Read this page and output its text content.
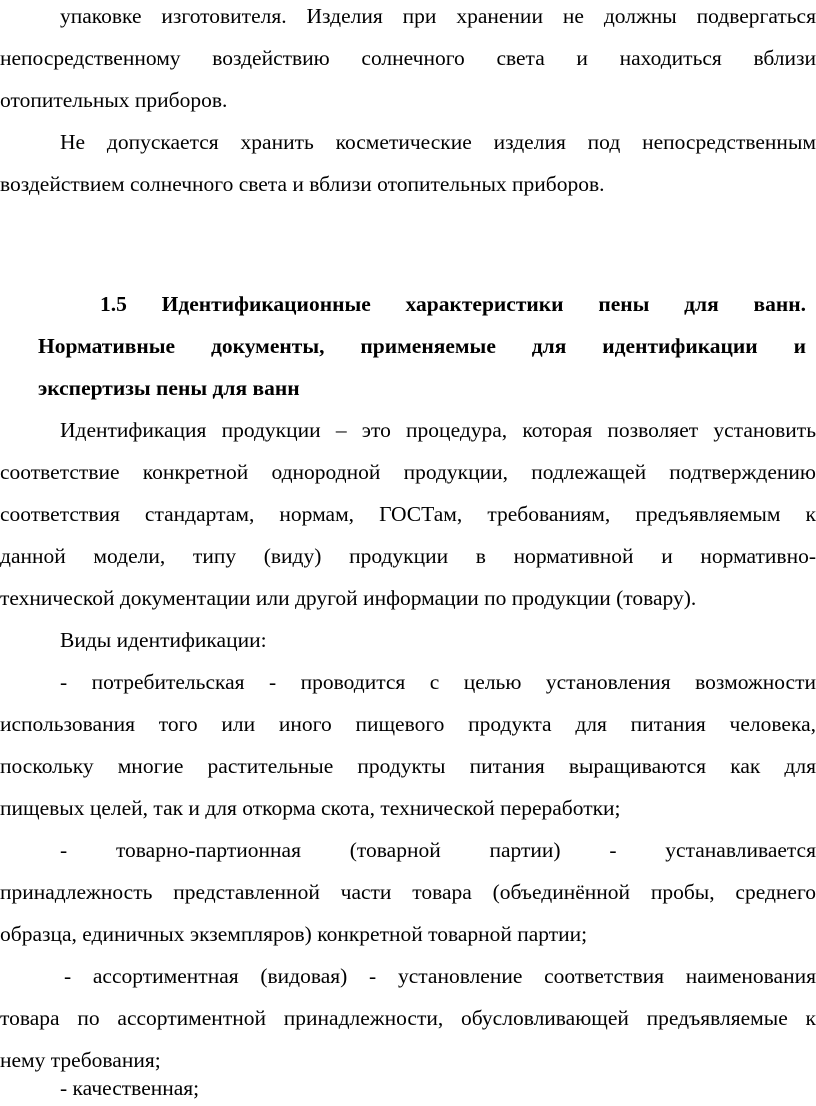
упаковке изготовителя. Изделия при хранении не должны подвергаться
непосредственному воздействию солнечного света и находиться вблизи
отопительных приборов.
Не допускается хранить косметические изделия под непосредственным
воздействием солнечного света и вблизи отопительных приборов.
1.5 Идентификационные характеристики пены для ванн.
Нормативные документы, применяемые для идентификации и
экспертизы пены для ванн
Идентификация продукции – это процедура, которая позволяет установить
соответствие конкретной однородной продукции, подлежащей подтверждению
соответствия стандартам, нормам, ГОСТам, требованиям, предъявляемым к
данной модели, типу (виду) продукции в нормативной и нормативно-
технической документации или другой информации по продукции (товару).
Виды идентификации:
- потребительская - проводится с целью установления возможности
использования того или иного пищевого продукта для питания человека,
поскольку многие растительные продукты питания выращиваются как для
пищевых целей, так и для откорма скота, технической переработки;
- товарно-партионная (товарной партии) - устанавливается
принадлежность представленной части товара (объединённой пробы, среднего
образца, единичных экземпляров) конкретной товарной партии;
- ассортиментная (видовая) - установление соответствия наименования
товара по ассортиментной принадлежности, обусловливающей предъявляемые к
нему требования;
- качественная;
